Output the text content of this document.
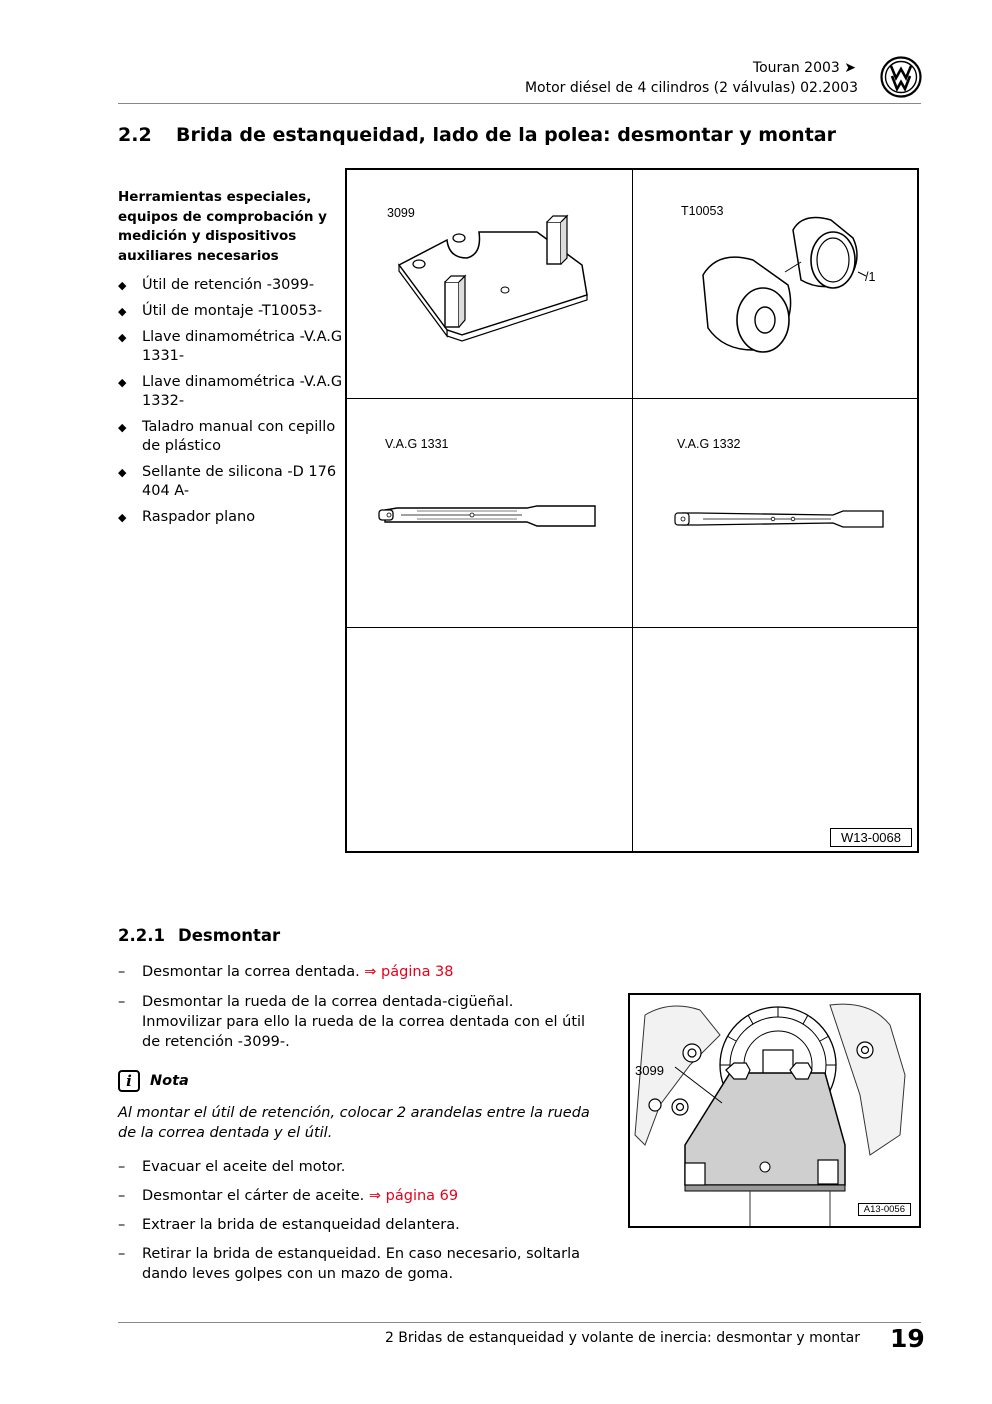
Touran 2003 ➤
Motor diésel de 4 cilindros (2 válvulas) 02.2003
2.2 Brida de estanqueidad, lado de la polea: desmontar y montar
Herramientas especiales, equipos de comprobación y medición y dispositivos auxiliares necesarios
◆ Útil de retención -3099-
◆ Útil de montaje -T10053-
◆ Llave dinamométrica -V.A.G 1331-
◆ Llave dinamométrica -V.A.G 1332-
◆ Taladro manual con cepillo de plástico
◆ Sellante de silicona -D 176 404 A-
◆ Raspador plano
3099	T10053
/1
V.A.G 1331	V.A.G 1332
W13-0068
2.2.1 Desmontar
–	Desmontar la correa dentada. ⇒ página 38
–	Desmontar la rueda de la correa dentada-cigüeñal. Inmovilizar para ello la rueda de la correa dentada con el útil de retención -3099-.
i Nota
Al montar el útil de retención, colocar 2 arandelas entre la rueda de la correa dentada y el útil.
–	Evacuar el aceite del motor.
–	Desmontar el cárter de aceite. ⇒ página 69
–	Extraer la brida de estanqueidad delantera.
–	Retirar la brida de estanqueidad. En caso necesario, soltarla dando leves golpes con un mazo de goma.
3099
A13-0056
2 Bridas de estanqueidad y volante de inercia: desmontar y montar 19
